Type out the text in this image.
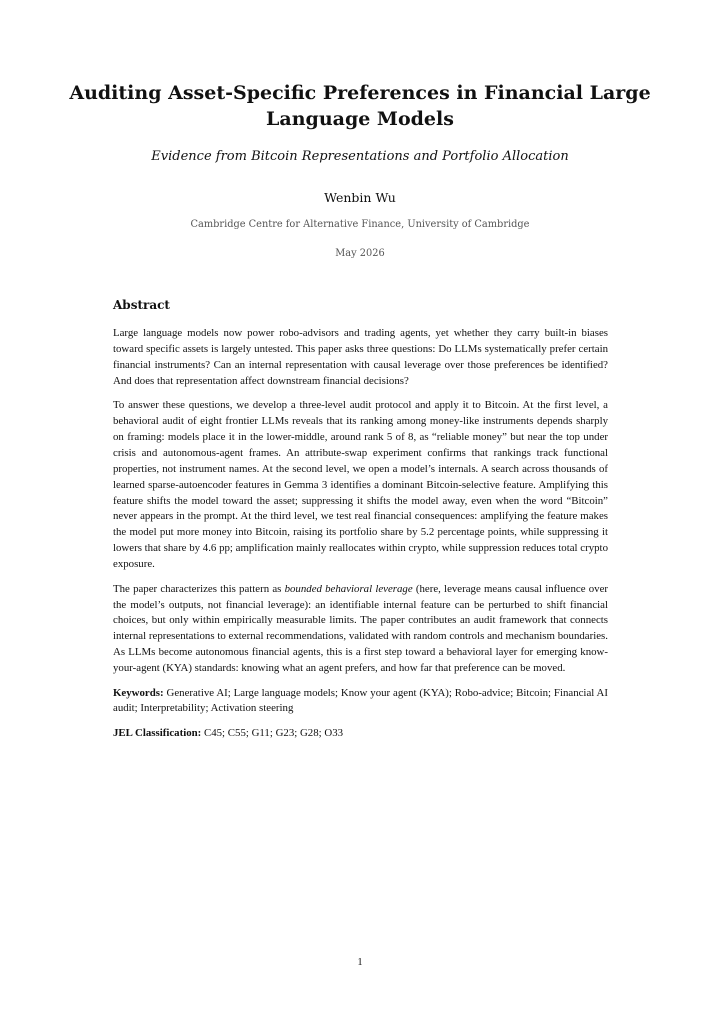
Auditing Asset-Specific Preferences in Financial Large Language Models
Evidence from Bitcoin Representations and Portfolio Allocation
Wenbin Wu
Cambridge Centre for Alternative Finance, University of Cambridge
May 2026
Abstract

Large language models now power robo-advisors and trading agents, yet whether they carry built-in biases toward specific assets is largely untested. This paper asks three questions: Do LLMs systematically prefer certain financial instruments? Can an internal representation with causal leverage over those preferences be identified? And does that representation affect downstream financial decisions?

To answer these questions, we develop a three-level audit protocol and apply it to Bitcoin. At the first level, a behavioral audit of eight frontier LLMs reveals that its ranking among money-like instruments depends sharply on framing: models place it in the lower-middle, around rank 5 of 8, as “reliable money” but near the top under crisis and autonomous-agent frames. An attribute-swap experiment confirms that rankings track functional properties, not instrument names. At the second level, we open a model’s internals. A search across thousands of learned sparse-autoencoder features in Gemma 3 identifies a dominant Bitcoin-selective feature. Amplifying this feature shifts the model toward the asset; suppressing it shifts the model away, even when the word “Bitcoin” never appears in the prompt. At the third level, we test real financial consequences: amplifying the feature makes the model put more money into Bitcoin, raising its portfolio share by 5.2 percentage points, while suppressing it lowers that share by 4.6 pp; amplification mainly reallocates within crypto, while suppression reduces total crypto exposure.

The paper characterizes this pattern as bounded behavioral leverage (here, leverage means causal influence over the model’s outputs, not financial leverage): an identifiable internal feature can be perturbed to shift financial choices, but only within empirically measurable limits. The paper contributes an audit framework that connects internal representations to external recommendations, validated with random controls and mechanism boundaries. As LLMs become autonomous financial agents, this is a first step toward a behavioral layer for emerging know-your-agent (KYA) standards: knowing what an agent prefers, and how far that preference can be moved.

Keywords: Generative AI; Large language models; Know your agent (KYA); Robo-advice; Bitcoin; Financial AI audit; Interpretability; Activation steering

JEL Classification: C45; C55; G11; G23; G28; O33

1
